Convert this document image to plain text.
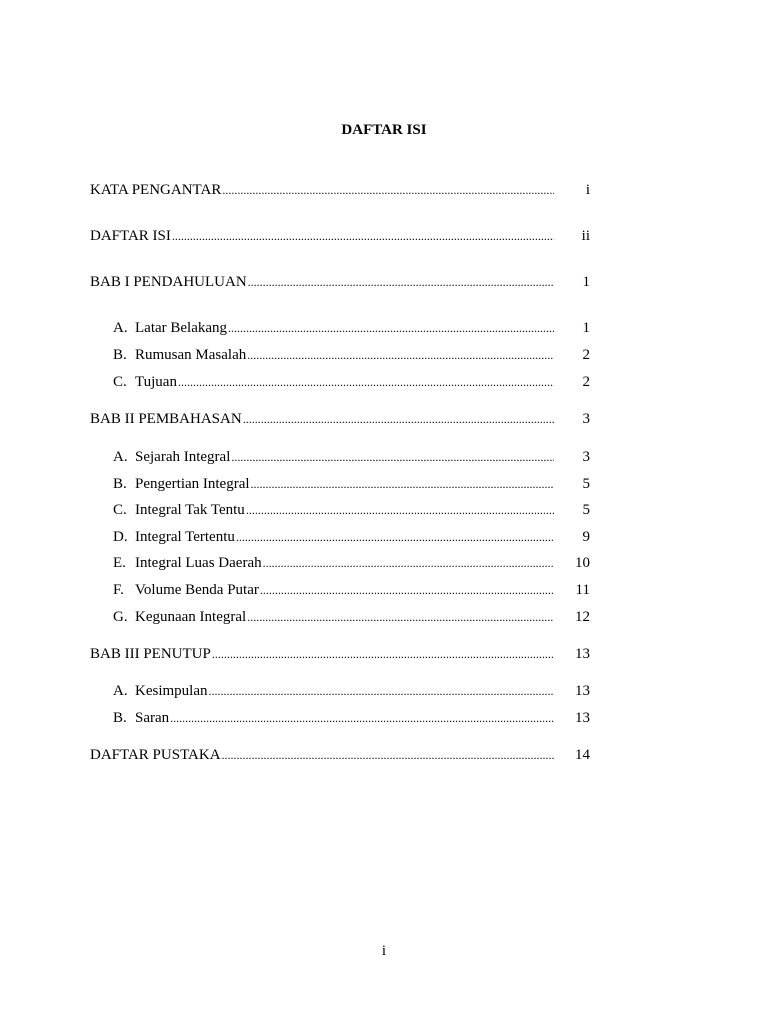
DAFTAR ISI
KATA PENGANTAR .....	i
DAFTAR ISI .....	ii
BAB I PENDAHULUAN .....	1
A. Latar Belakang .....	1
B. Rumusan Masalah .....	2
C. Tujuan .....	2
BAB II PEMBAHASAN .....	3
A. Sejarah Integral .....	3
B. Pengertian Integral .....	5
C. Integral Tak Tentu .....	5
D. Integral Tertentu .....	9
E. Integral Luas Daerah .....	10
F. Volume Benda Putar .....	11
G. Kegunaan Integral .....	12
BAB III PENUTUP .....	13
A. Kesimpulan .....	13
B. Saran .....	13
DAFTAR PUSTAKA .....	14
i
